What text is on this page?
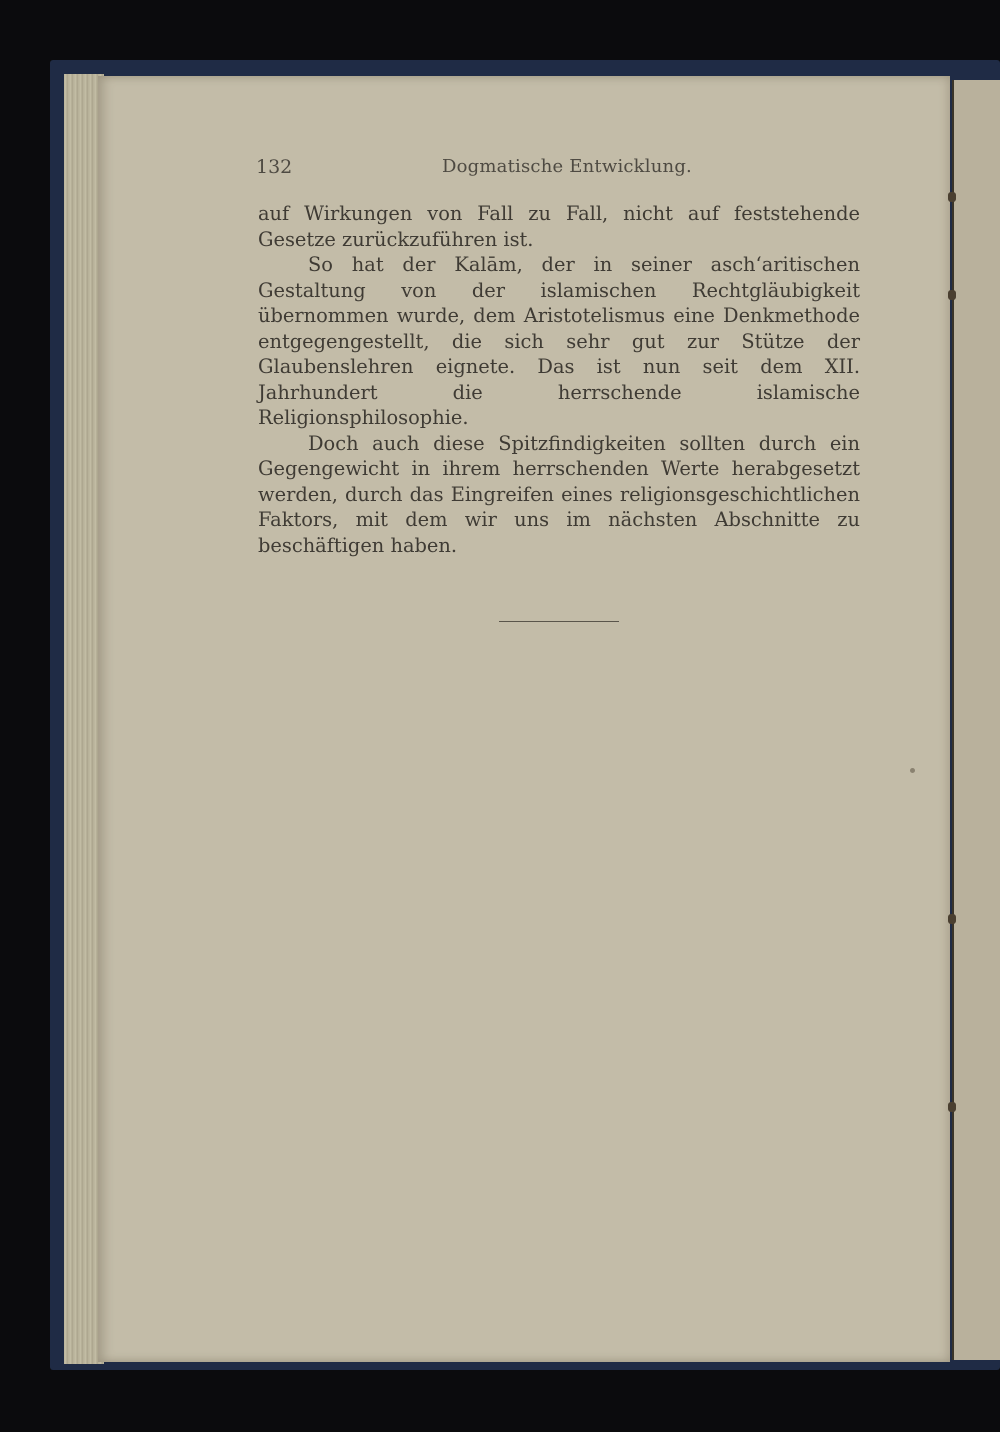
132	Dogmatische Entwicklung.

auf Wirkungen von Fall zu Fall, nicht auf feststehende Gesetze zurückzuführen ist.

So hat der Kalām, der in seiner asch‘aritischen Gestaltung von der islamischen Rechtgläubigkeit übernommen wurde, dem Aristotelismus eine Denkmethode entgegengestellt, die sich sehr gut zur Stütze der Glaubenslehren eignete. Das ist nun seit dem XII. Jahrhundert die herrschende islamische Religionsphilosophie.

Doch auch diese Spitzfindigkeiten sollten durch ein Gegengewicht in ihrem herrschenden Werte herabgesetzt werden, durch das Eingreifen eines religionsgeschichtlichen Faktors, mit dem wir uns im nächsten Abschnitte zu beschäftigen haben.
